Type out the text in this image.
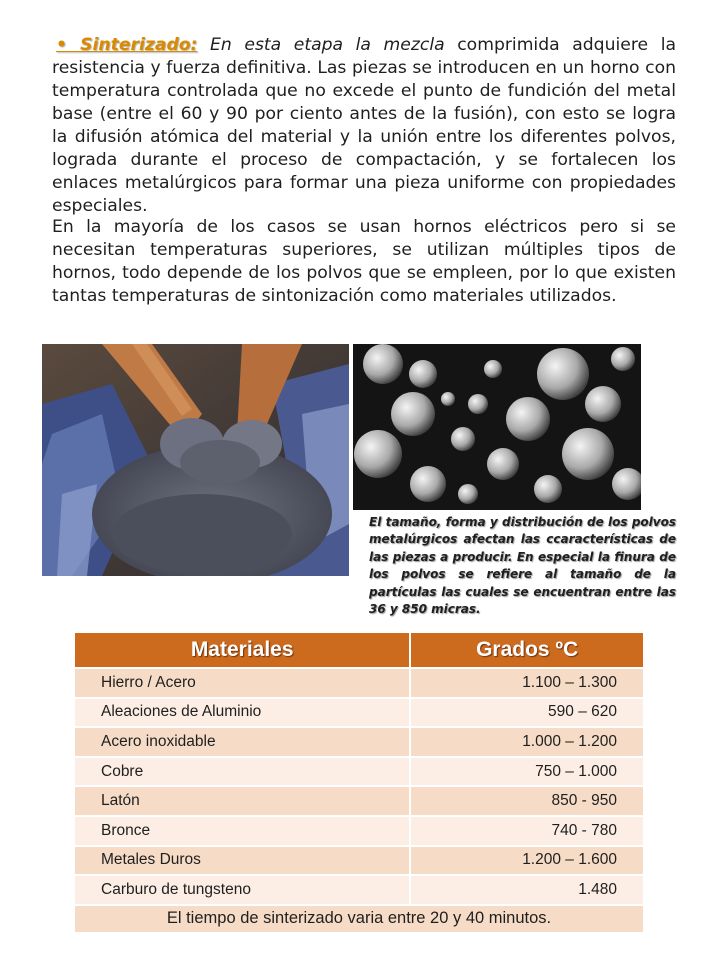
• Sinterizado: En esta etapa la mezcla comprimida adquiere la resistencia y fuerza definitiva. Las piezas se introducen en un horno con temperatura controlada que no excede el punto de fundición del metal base (entre el 60 y 90 por ciento antes de la fusión), con esto se logra la difusión atómica del material y la unión entre los diferentes polvos, lograda durante el proceso de compactación, y se fortalecen los enlaces metalúrgicos para formar una pieza uniforme con propiedades especiales.

En la mayoría de los casos se usan hornos eléctricos pero si se necesitan temperaturas superiores, se utilizan múltiples tipos de hornos, todo depende de los polvos que se empleen, por lo que existen tantas temperaturas de sintonización como materiales utilizados.

El tamaño, forma y distribución de los polvos metalúrgicos afectan las ccaracterísticas de las piezas a producir. En especial la finura de los polvos se refiere al tamaño de la partículas las cuales se encuentran entre las 36 y 850 micras.

Materiales	Grados ºC
Hierro / Acero	1.100 – 1.300
Aleaciones de Aluminio	590 – 620
Acero inoxidable	1.000 – 1.200
Cobre	750 – 1.000
Latón	850 - 950
Bronce	740 - 780
Metales Duros	1.200 – 1.600
Carburo de tungsteno	1.480
El tiempo de sinterizado varia entre 20 y 40 minutos.	
